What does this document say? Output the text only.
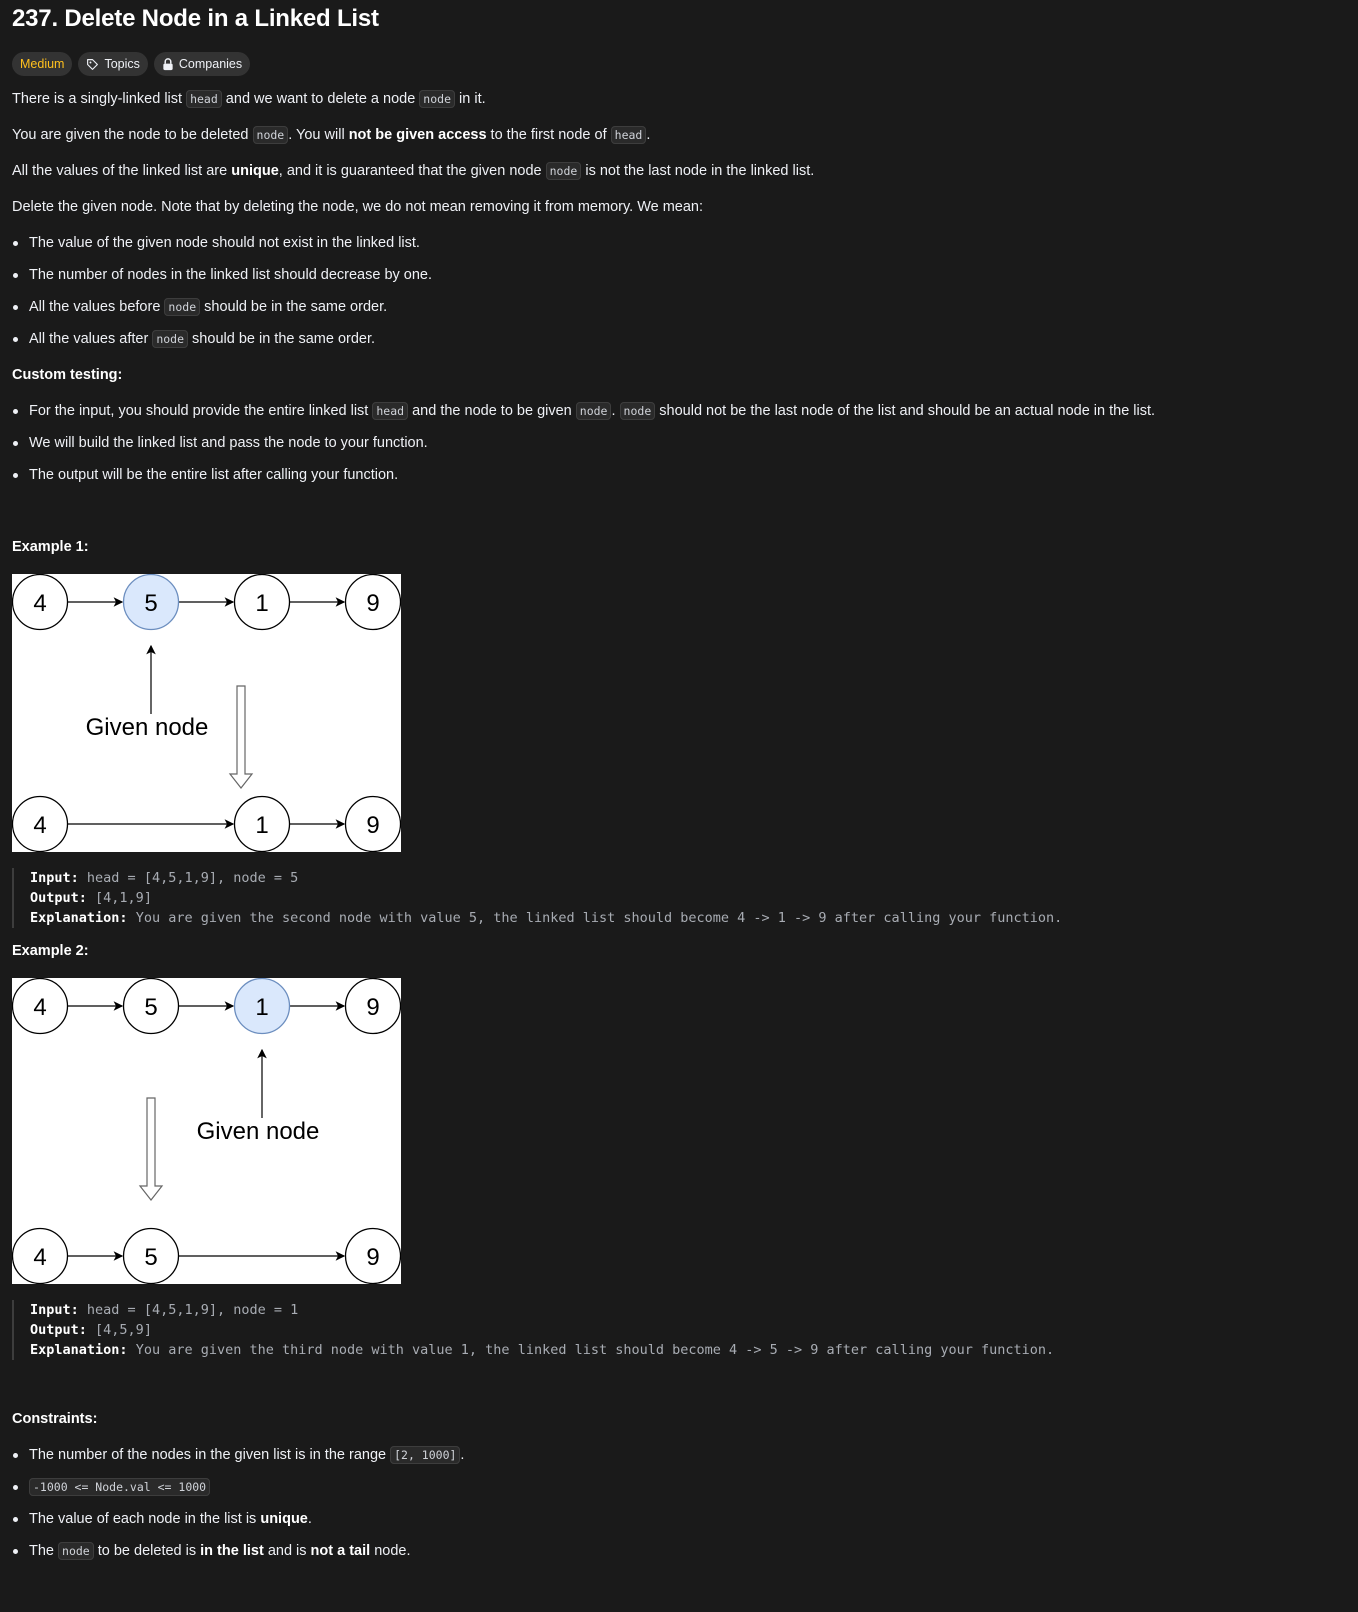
237. Delete Node in a Linked List
Medium	Topics	Companies
There is a singly-linked list head and we want to delete a node node in it.
You are given the node to be deleted node . You will not be given access to the first node of head .
All the values of the linked list are unique, and it is guaranteed that the given node node is not the last node in the linked list.
Delete the given node. Note that by deleting the node, we do not mean removing it from memory. We mean:
The value of the given node should not exist in the linked list.
The number of nodes in the linked list should decrease by one.
All the values before node should be in the same order.
All the values after node should be in the same order.
Custom testing:
For the input, you should provide the entire linked list head and the node to be given node . node should not be the last node of the list and should be an actual node in the list.
We will build the linked list and pass the node to your function.
The output will be the entire list after calling your function.
Example 1:
4	5	1	9
Given node
4	1	9
Input: head = [4,5,1,9], node = 5
Output: [4,1,9]
Explanation: You are given the second node with value 5, the linked list should become 4 -> 1 -> 9 after calling your function.
Example 2:
4	5	1	9
Given node
4	5	9
Input: head = [4,5,1,9], node = 1
Output: [4,5,9]
Explanation: You are given the third node with value 1, the linked list should become 4 -> 5 -> 9 after calling your function.
Constraints:
The number of the nodes in the given list is in the range [2, 1000] .
-1000 <= Node.val <= 1000
The value of each node in the list is unique.
The node to be deleted is in the list and is not a tail node.
